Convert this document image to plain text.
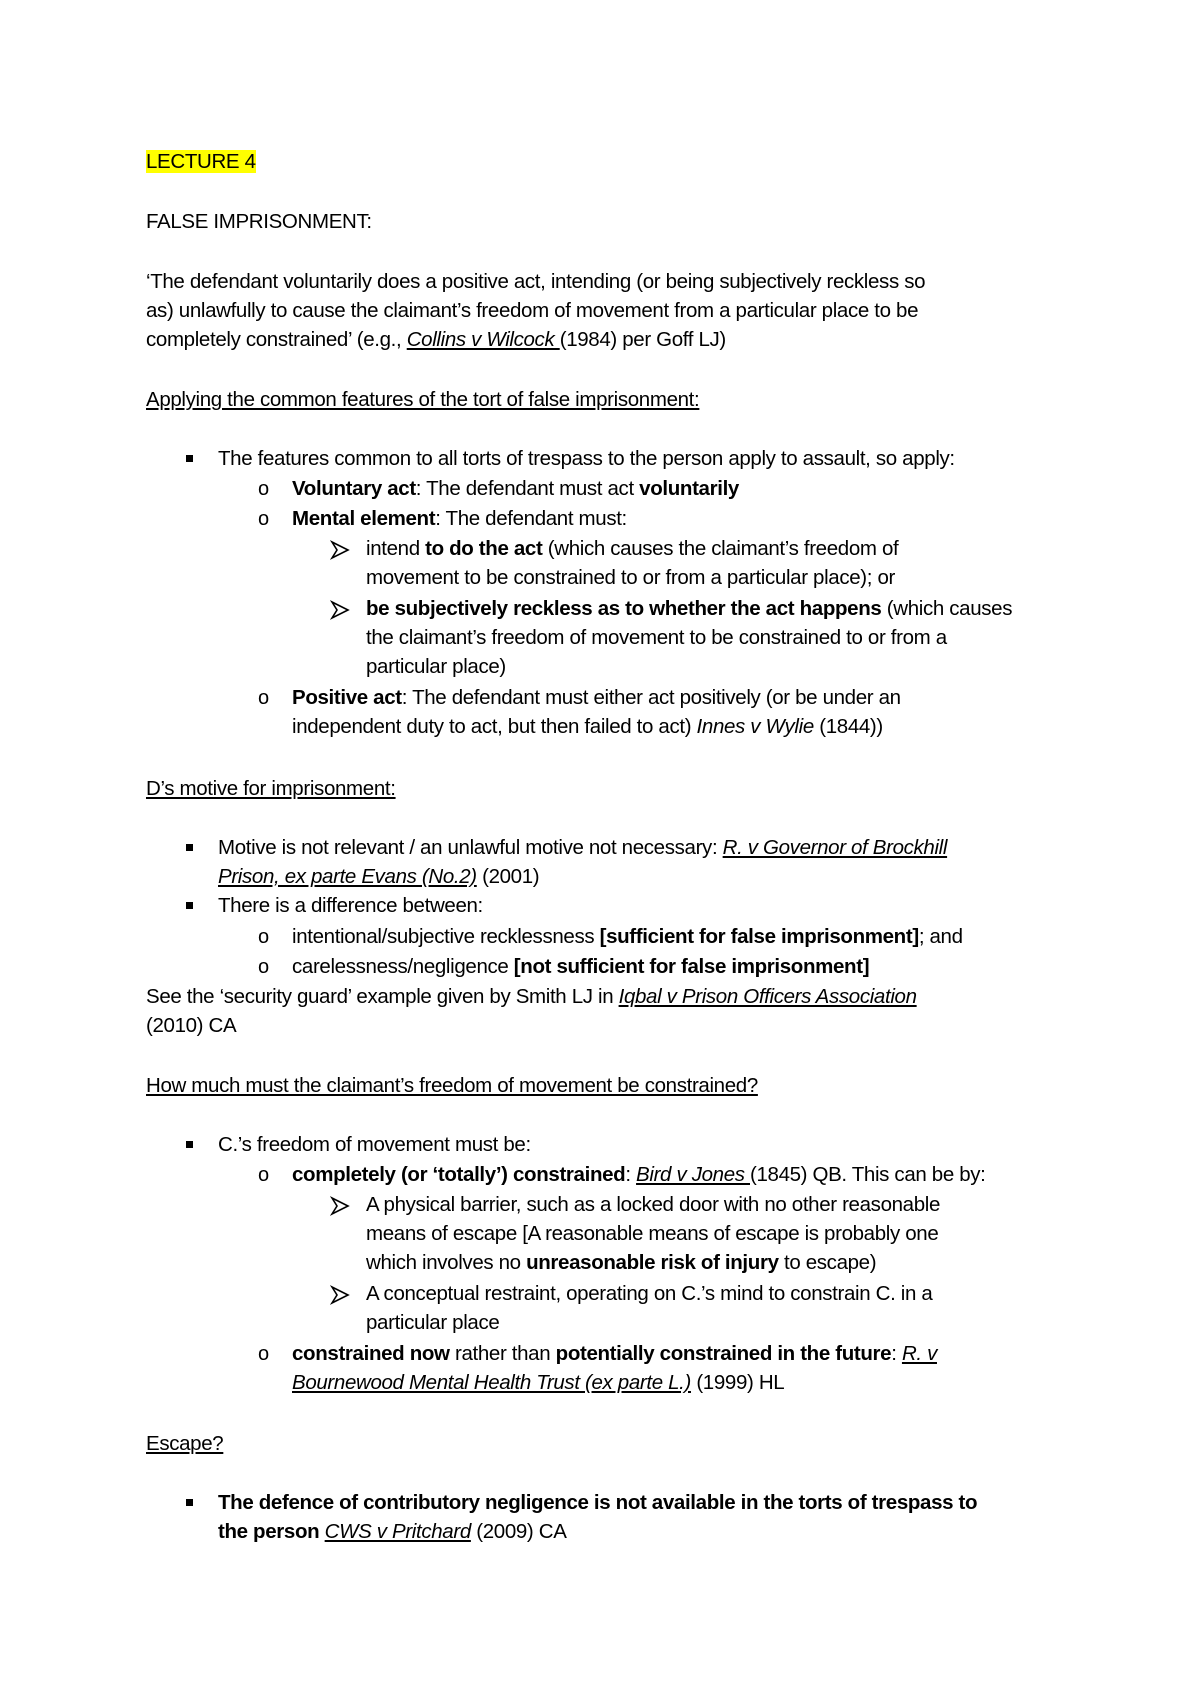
LECTURE 4
FALSE IMPRISONMENT:
‘The defendant voluntarily does a positive act, intending (or being subjectively reckless so
as) unlawfully to cause the claimant’s freedom of movement from a particular place to be
completely constrained’ (e.g., Collins v Wilcock (1984) per Goff LJ)
Applying the common features of the tort of false imprisonment:
The features common to all torts of trespass to the person apply to assault, so apply:
o Voluntary act: The defendant must act voluntarily
o Mental element: The defendant must:
intend to do the act (which causes the claimant’s freedom of
movement to be constrained to or from a particular place); or
be subjectively reckless as to whether the act happens (which causes
the claimant’s freedom of movement to be constrained to or from a
particular place)
o Positive act: The defendant must either act positively (or be under an
independent duty to act, but then failed to act) Innes v Wylie (1844))
D’s motive for imprisonment:
Motive is not relevant / an unlawful motive not necessary: R. v Governor of Brockhill
Prison, ex parte Evans (No.2) (2001)
There is a difference between:
o intentional/subjective recklessness [sufficient for false imprisonment]; and
o carelessness/negligence [not sufficient for false imprisonment]
See the ‘security guard’ example given by Smith LJ in Iqbal v Prison Officers Association
(2010) CA
How much must the claimant’s freedom of movement be constrained?
C.’s freedom of movement must be:
o completely (or ‘totally’) constrained: Bird v Jones (1845) QB. This can be by:
A physical barrier, such as a locked door with no other reasonable
means of escape [A reasonable means of escape is probably one
which involves no unreasonable risk of injury to escape)
A conceptual restraint, operating on C.’s mind to constrain C. in a
particular place
o constrained now rather than potentially constrained in the future: R. v
Bournewood Mental Health Trust (ex parte L.) (1999) HL
Escape?
The defence of contributory negligence is not available in the torts of trespass to
the person CWS v Pritchard (2009) CA
